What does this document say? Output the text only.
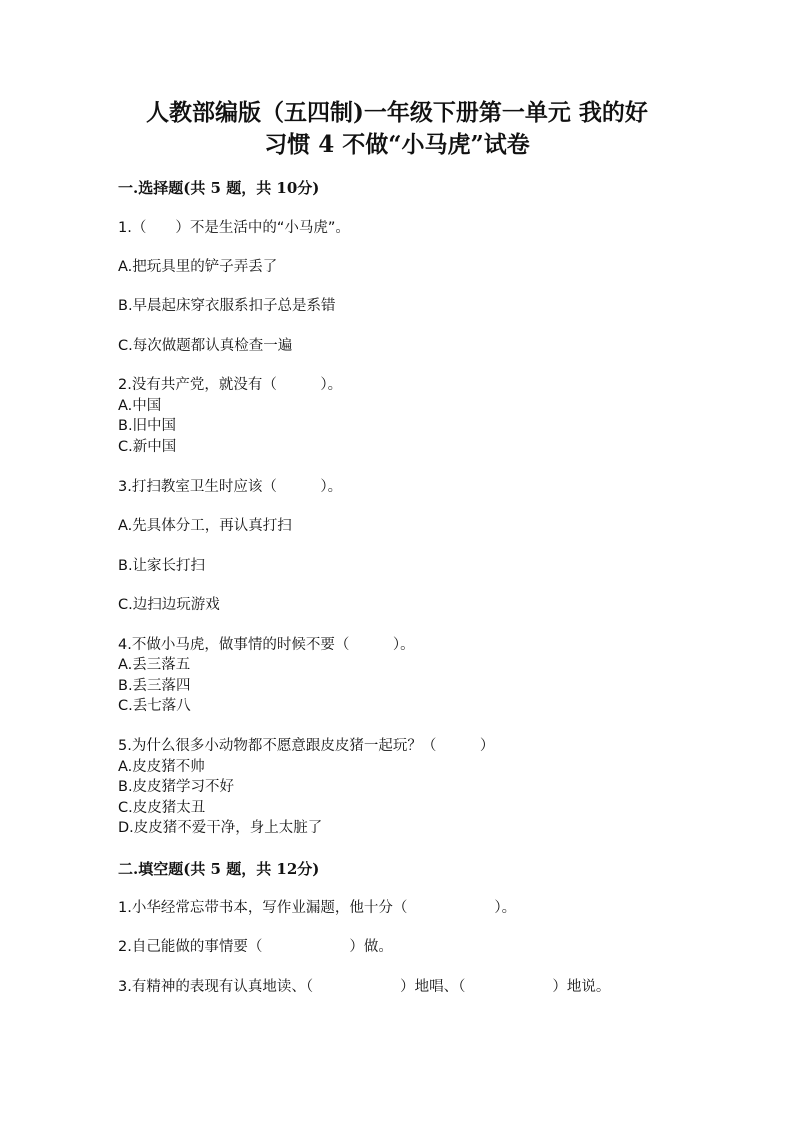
人教部编版（五四制)一年级下册第一单元 我的好
习惯 4 不做“小马虎”试卷
一.选择题(共 5 题，共 10分)
1.（　　）不是生活中的“小马虎”。
A.把玩具里的铲子弄丢了
B.早晨起床穿衣服系扣子总是系错
C.每次做题都认真检查一遍
2.没有共产党，就没有（　　　）。
A.中国
B.旧中国
C.新中国
3.打扫教室卫生时应该（　　　）。
A.先具体分工，再认真打扫
B.让家长打扫
C.边扫边玩游戏
4.不做小马虎，做事情的时候不要（　　　）。
A.丢三落五
B.丢三落四
C.丢七落八
5.为什么很多小动物都不愿意跟皮皮猪一起玩？（　　　）
A.皮皮猪不帅
B.皮皮猪学习不好
C.皮皮猪太丑
D.皮皮猪不爱干净，身上太脏了
二.填空题(共 5 题，共 12分)
1.小华经常忘带书本，写作业漏题，他十分（　　　　　　）。
2.自己能做的事情要（　　　　　　）做。
3.有精神的表现有认真地读、（　　　　　　）地唱、（　　　　　　）地说。
